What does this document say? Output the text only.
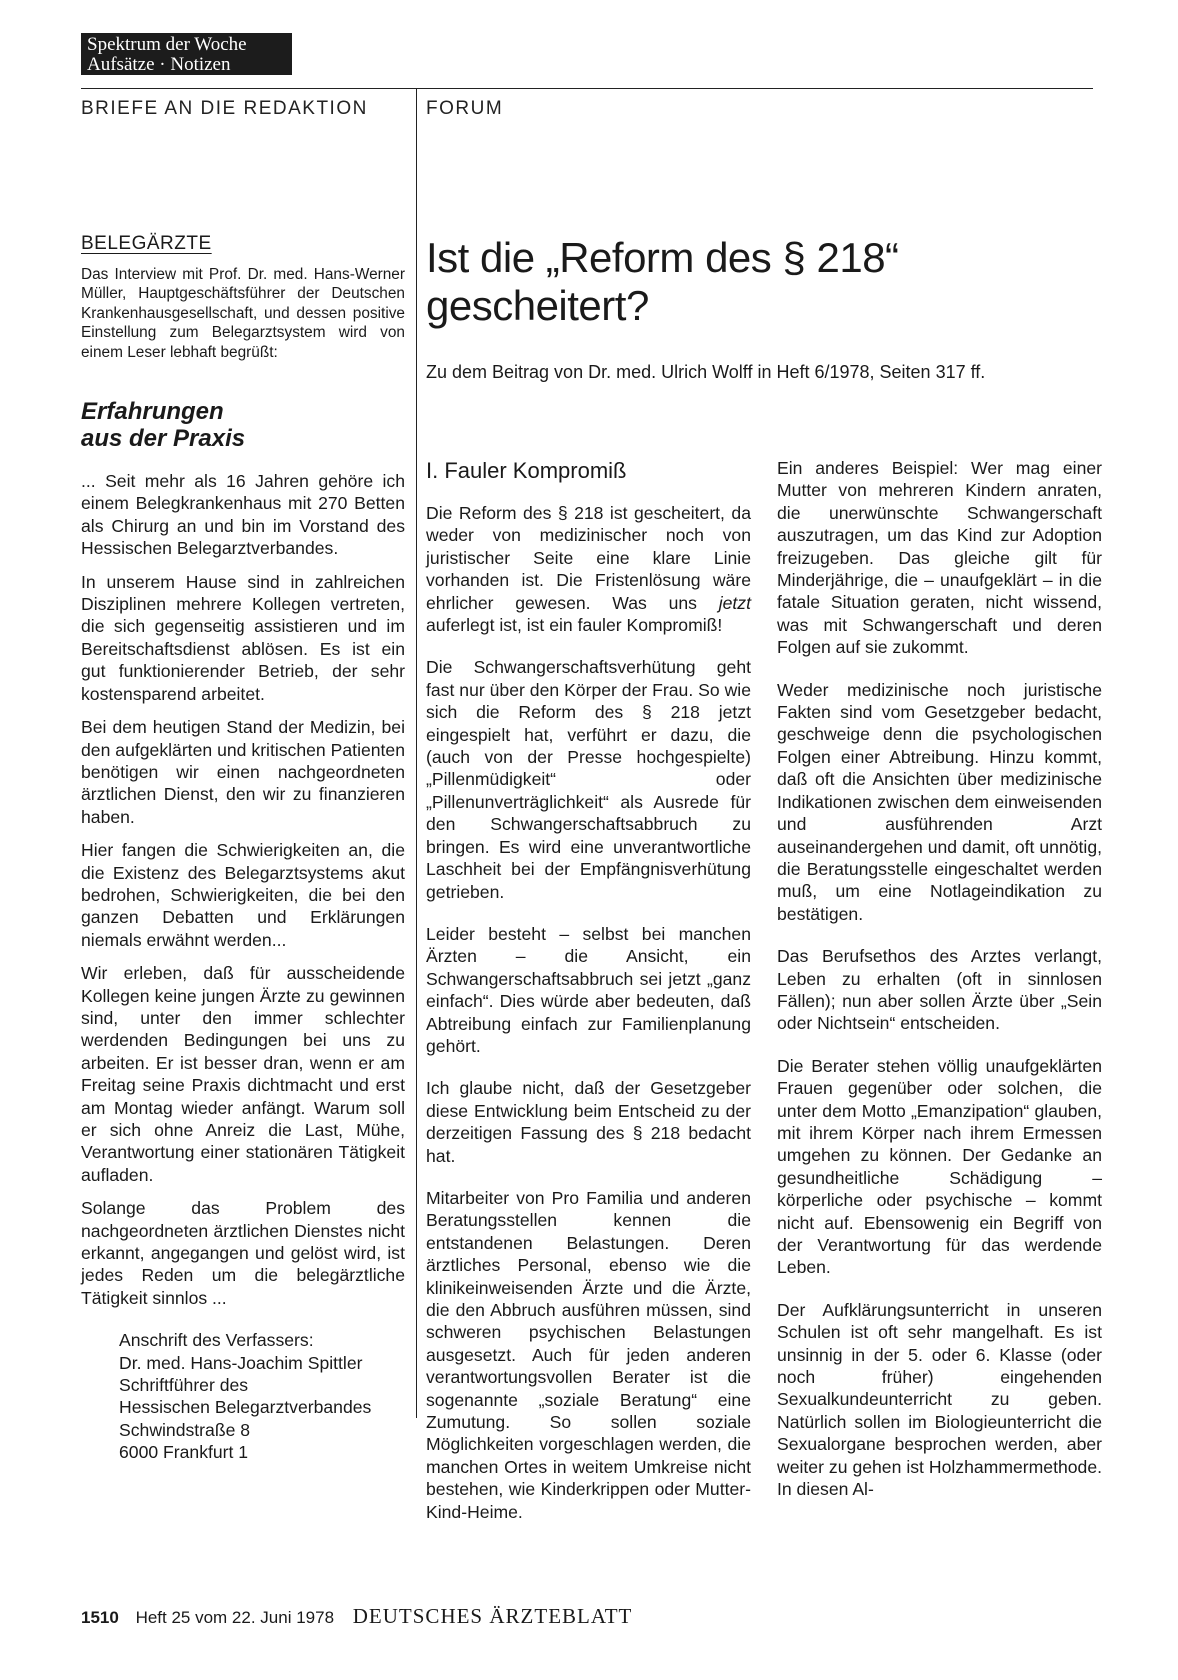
Spektrum der Woche
Aufsätze · Notizen
BRIEFE AN DIE REDAKTION	FORUM
BELEGÄRZTE

Das Interview mit Prof. Dr. med. Hans-Werner Müller, Hauptgeschäftsführer der Deutschen Krankenhausgesellschaft, und dessen positive Einstellung zum Belegarztsystem wird von einem Leser lebhaft begrüßt:

Erfahrungen
aus der Praxis

... Seit mehr als 16 Jahren gehöre ich einem Belegkrankenhaus mit 270 Betten als Chirurg an und bin im Vorstand des Hessischen Belegarztverbandes.

In unserem Hause sind in zahlreichen Disziplinen mehrere Kollegen vertreten, die sich gegenseitig assistieren und im Bereitschaftsdienst ablösen. Es ist ein gut funktionierender Betrieb, der sehr kostensparend arbeitet.

Bei dem heutigen Stand der Medizin, bei den aufgeklärten und kritischen Patienten benötigen wir einen nachgeordneten ärztlichen Dienst, den wir zu finanzieren haben.

Hier fangen die Schwierigkeiten an, die die Existenz des Belegarztsystems akut bedrohen, Schwierigkeiten, die bei den ganzen Debatten und Erklärungen niemals erwähnt werden...

Wir erleben, daß für ausscheidende Kollegen keine jungen Ärzte zu gewinnen sind, unter den immer schlechter werdenden Bedingungen bei uns zu arbeiten. Er ist besser dran, wenn er am Freitag seine Praxis dichtmacht und erst am Montag wieder anfängt. Warum soll er sich ohne Anreiz die Last, Mühe, Verantwortung einer stationären Tätigkeit aufladen.

Solange das Problem des nachgeordneten ärztlichen Dienstes nicht erkannt, angegangen und gelöst wird, ist jedes Reden um die belegärztliche Tätigkeit sinnlos ...

Anschrift des Verfassers:
Dr. med. Hans-Joachim Spittler
Schriftführer des
Hessischen Belegarztverbandes
Schwindstraße 8
6000 Frankfurt 1
Ist die „Reform des § 218“
gescheitert?

Zu dem Beitrag von Dr. med. Ulrich Wolff in Heft 6/1978, Seiten 317 ff.

I. Fauler Kompromiß

Die Reform des § 218 ist gescheitert, da weder von medizinischer noch von juristischer Seite eine klare Linie vorhanden ist. Die Fristenlösung wäre ehrlicher gewesen. Was uns jetzt auferlegt ist, ist ein fauler Kompromiß!

Die Schwangerschaftsverhütung geht fast nur über den Körper der Frau. So wie sich die Reform des § 218 jetzt eingespielt hat, verführt er dazu, die (auch von der Presse hochgespielte) „Pillenmüdigkeit“ oder „Pillenunverträglichkeit“ als Ausrede für den Schwangerschaftsabbruch zu bringen. Es wird eine unverantwortliche Laschheit bei der Empfängnisverhütung getrieben.

Leider besteht – selbst bei manchen Ärzten – die Ansicht, ein Schwangerschaftsabbruch sei jetzt „ganz einfach“. Dies würde aber bedeuten, daß Abtreibung einfach zur Familienplanung gehört.

Ich glaube nicht, daß der Gesetzgeber diese Entwicklung beim Entscheid zu der derzeitigen Fassung des § 218 bedacht hat.

Mitarbeiter von Pro Familia und anderen Beratungsstellen kennen die entstandenen Belastungen. Deren ärztliches Personal, ebenso wie die klinikeinweisenden Ärzte und die Ärzte, die den Abbruch ausführen müssen, sind schweren psychischen Belastungen ausgesetzt. Auch für jeden anderen verantwortungsvollen Berater ist die sogenannte „soziale Beratung“ eine Zumutung. So sollen soziale Möglichkeiten vorgeschlagen werden, die manchen Ortes in weitem Umkreise nicht bestehen, wie Kinderkrippen oder Mutter-Kind-Heime.

Ein anderes Beispiel: Wer mag einer Mutter von mehreren Kindern anraten, die unerwünschte Schwangerschaft auszutragen, um das Kind zur Adoption freizugeben. Das gleiche gilt für Minderjährige, die – unaufgeklärt – in die fatale Situation geraten, nicht wissend, was mit Schwangerschaft und deren Folgen auf sie zukommt.

Weder medizinische noch juristische Fakten sind vom Gesetzgeber bedacht, geschweige denn die psychologischen Folgen einer Abtreibung. Hinzu kommt, daß oft die Ansichten über medizinische Indikationen zwischen dem einweisenden und ausführenden Arzt auseinandergehen und damit, oft unnötig, die Beratungsstelle eingeschaltet werden muß, um eine Notlageindikation zu bestätigen.

Das Berufsethos des Arztes verlangt, Leben zu erhalten (oft in sinnlosen Fällen); nun aber sollen Ärzte über „Sein oder Nichtsein“ entscheiden.

Die Berater stehen völlig unaufgeklärten Frauen gegenüber oder solchen, die unter dem Motto „Emanzipation“ glauben, mit ihrem Körper nach ihrem Ermessen umgehen zu können. Der Gedanke an gesundheitliche Schädigung – körperliche oder psychische – kommt nicht auf. Ebensowenig ein Begriff von der Verantwortung für das werdende Leben.

Der Aufklärungsunterricht in unseren Schulen ist oft sehr mangelhaft. Es ist unsinnig in der 5. oder 6. Klasse (oder noch früher) eingehenden Sexualkundeunterricht zu geben. Natürlich sollen im Biologieunterricht die Sexualorgane besprochen werden, aber weiter zu gehen ist Holzhammermethode. In diesen Al-

1510 Heft 25 vom 22. Juni 1978 DEUTSCHES ÄRZTEBLATT
